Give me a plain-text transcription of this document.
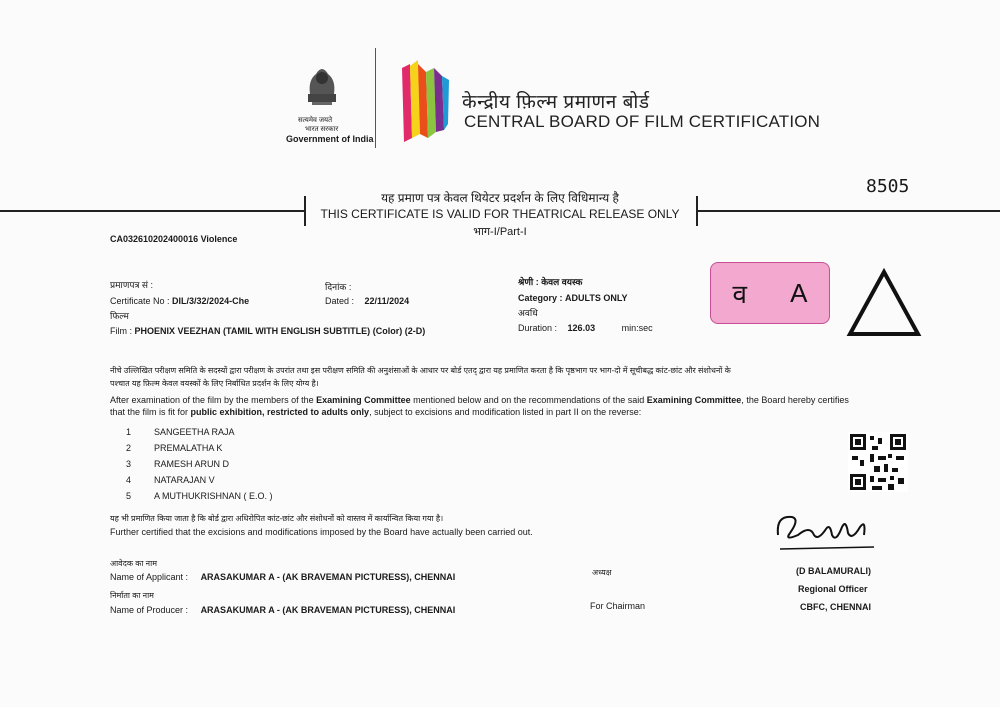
सत्यमेव जयते
भारत सरकार
Government of India
केन्द्रीय फ़िल्म प्रमाणन बोर्ड
CENTRAL BOARD OF FILM CERTIFICATION
8505
यह प्रमाण पत्र केवल थियेटर प्रदर्शन के लिए विधिमान्य है
THIS CERTIFICATE IS VALID FOR THEATRICAL RELEASE ONLY
भाग-I/Part-I
CA032610202400016 Violence
प्रमाणपत्र सं :
Certificate No : DIL/3/32/2024-Che
दिनांक :
Dated : 22/11/2024
श्रेणी : केवल वयस्क
Category : ADULTS ONLY
अवधि
Duration : 126.03	min:sec
फिल्म
Film : PHOENIX VEEZHAN (TAMIL WITH ENGLISH SUBTITLE) (Color) (2-D)
व A
नीचे उल्लिखित परीक्षण समिति के सदस्यों द्वारा परीक्षण के उपरांत तथा इस परीक्षण समिति की अनुशंसाओं के आधार पर बोर्ड एतद् द्वारा यह प्रमाणित करता है कि पृष्ठभाग पर भाग-दो में सूचीबद्ध कांट-छांट और संशोधनों के
पश्चात यह फ़िल्म केवल वयस्कों के लिए निर्बाधित प्रदर्शन के लिए योग्य है।
After examination of the film by the members of the Examining Committee mentioned below and on the recommendations of the said Examining Committee, the Board hereby certifies
that the film is fit for public exhibition, restricted to adults only, subject to excisions and modification listed in part II on the reverse:
1	SANGEETHA RAJA
2	PREMALATHA K
3	RAMESH ARUN D
4	NATARAJAN V
5	A MUTHUKRISHNAN ( E.O. )
यह भी प्रमाणित किया जाता है कि बोर्ड द्वारा अधिरोपित कांट-छांट और संशोधनों को वास्तव में कार्यान्वित किया गया है।
Further certified that the excisions and modifications imposed by the Board have actually been carried out.
आवेदक का नाम
Name of Applicant : ARASAKUMAR A - (AK BRAVEMAN PICTURESS), CHENNAI
निर्माता का नाम
Name of Producer : ARASAKUMAR A - (AK BRAVEMAN PICTURESS), CHENNAI
अध्यक्ष
For Chairman
(D BALAMURALI)
Regional Officer
CBFC, CHENNAI
